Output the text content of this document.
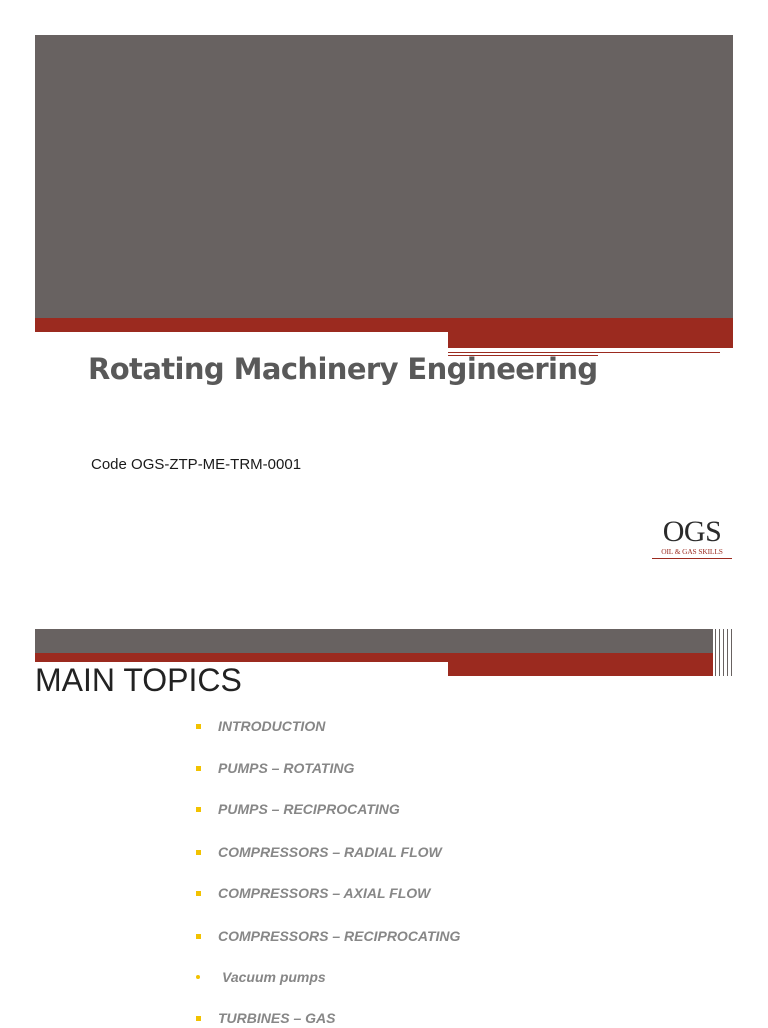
Rotating Machinery Engineering
Code OGS-ZTP-ME-TRM-0001
OGS
OIL & GAS SKILLS
MAIN TOPICS
INTRODUCTION
PUMPS – ROTATING
PUMPS – RECIPROCATING
COMPRESSORS – RADIAL FLOW
COMPRESSORS – AXIAL FLOW
COMPRESSORS – RECIPROCATING
Vacuum pumps
TURBINES – GAS
